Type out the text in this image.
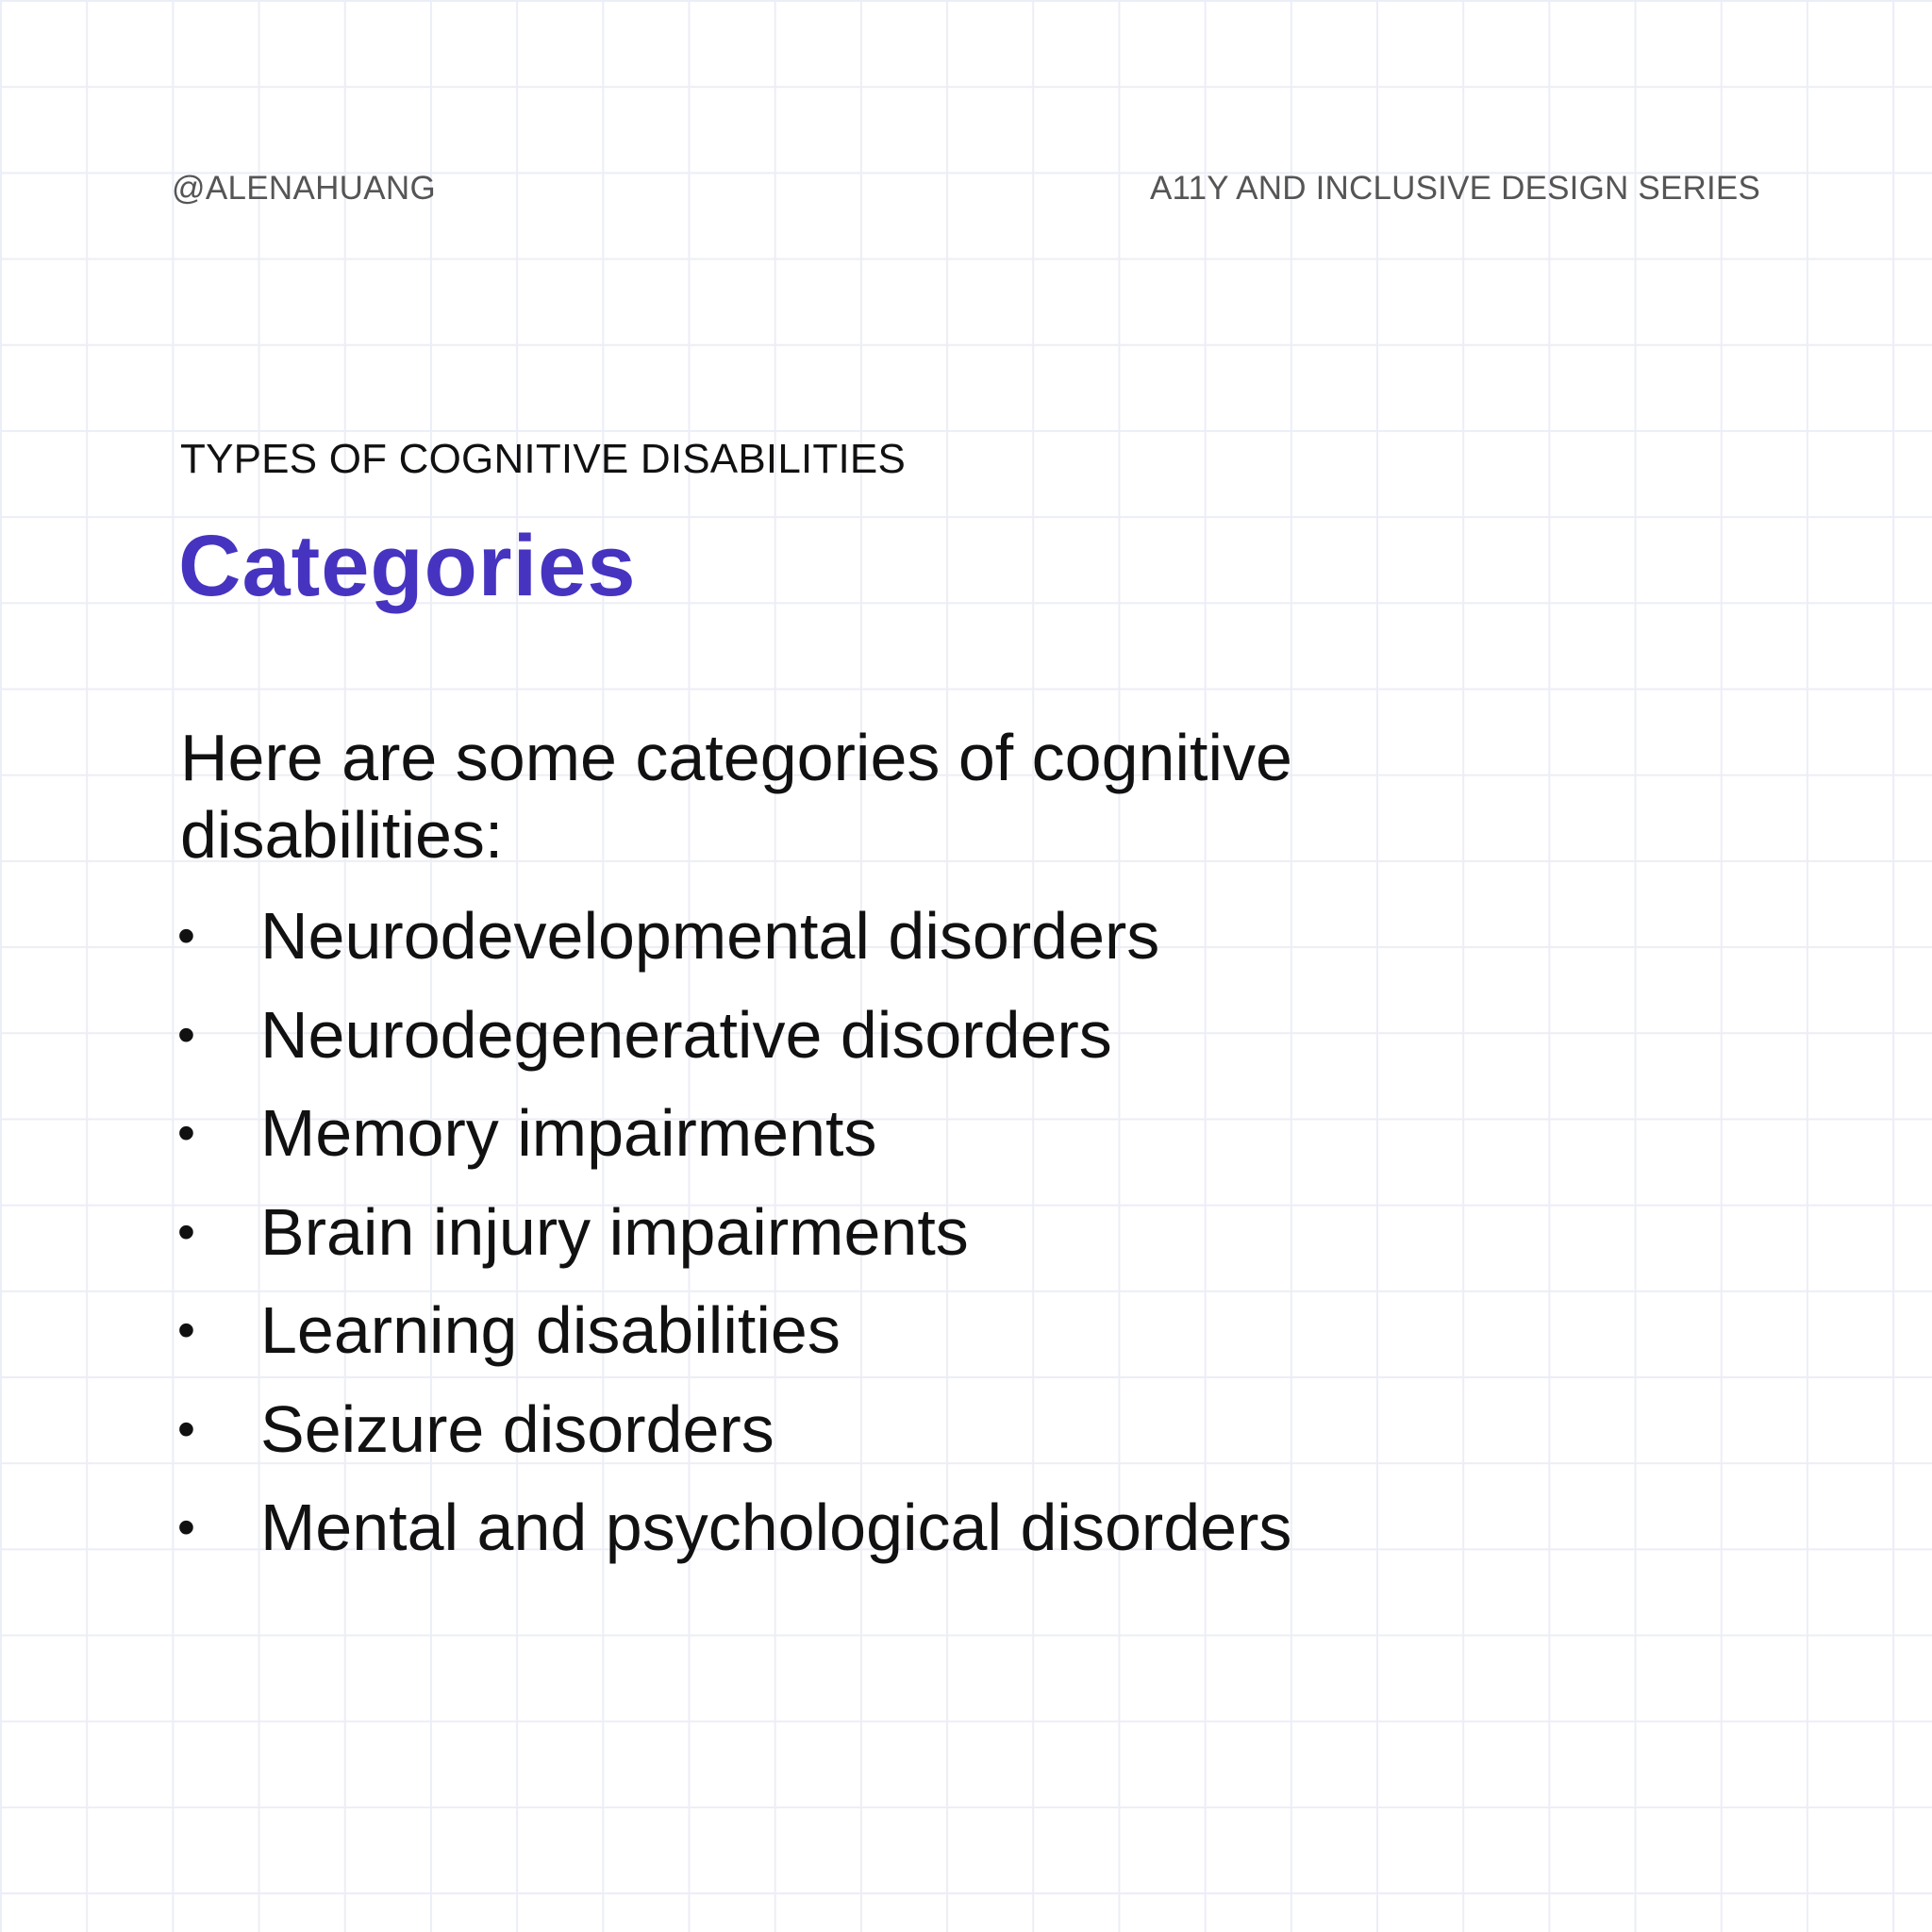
@ALENAHUANG	A11Y AND INCLUSIVE DESIGN SERIES
TYPES OF COGNITIVE DISABILITIES
Categories

Here are some categories of cognitive disabilities:

• Neurodevelopmental disorders
• Neurodegenerative disorders
• Memory impairments
• Brain injury impairments
• Learning disabilities
• Seizure disorders
• Mental and psychological disorders
